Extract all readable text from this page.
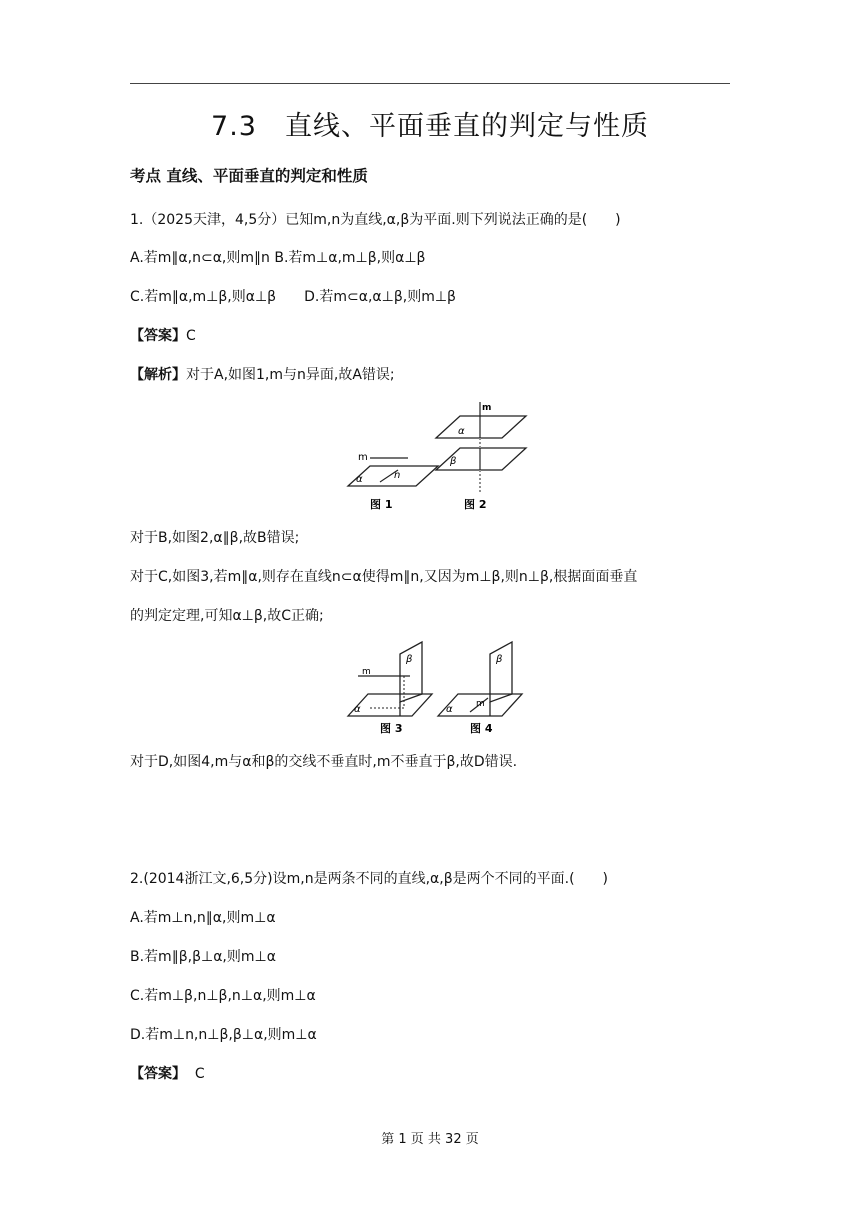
7.3　直线、平面垂直的判定与性质
考点 直线、平面垂直的判定和性质
1.（2025天津，4,5分）已知m,n为直线,α,β为平面.则下列说法正确的是(　　)
A.若m∥α,n⊂α,则m∥n B.若m⊥α,m⊥β,则α⊥β
C.若m∥α,m⊥β,则α⊥β　　D.若m⊂α,α⊥β,则m⊥β
【答案】C
【解析】对于A,如图1,m与n异面,故A错误;
m
α	n
图 1
m
α
β
图 2
对于B,如图2,α∥β,故B错误;
对于C,如图3,若m∥α,则存在直线n⊂α使得m∥n,又因为m⊥β,则n⊥β,根据面面垂直
的判定定理,可知α⊥β,故C正确;
m
β
α
图 3
β
α	m
图 4
对于D,如图4,m与α和β的交线不垂直时,m不垂直于β,故D错误.
2.(2014浙江文,6,5分)设m,n是两条不同的直线,α,β是两个不同的平面.(　　)
A.若m⊥n,n∥α,则m⊥α
B.若m∥β,β⊥α,则m⊥α
C.若m⊥β,n⊥β,n⊥α,则m⊥α
D.若m⊥n,n⊥β,β⊥α,则m⊥α
【答案】 C
第 1 页 共 32 页
